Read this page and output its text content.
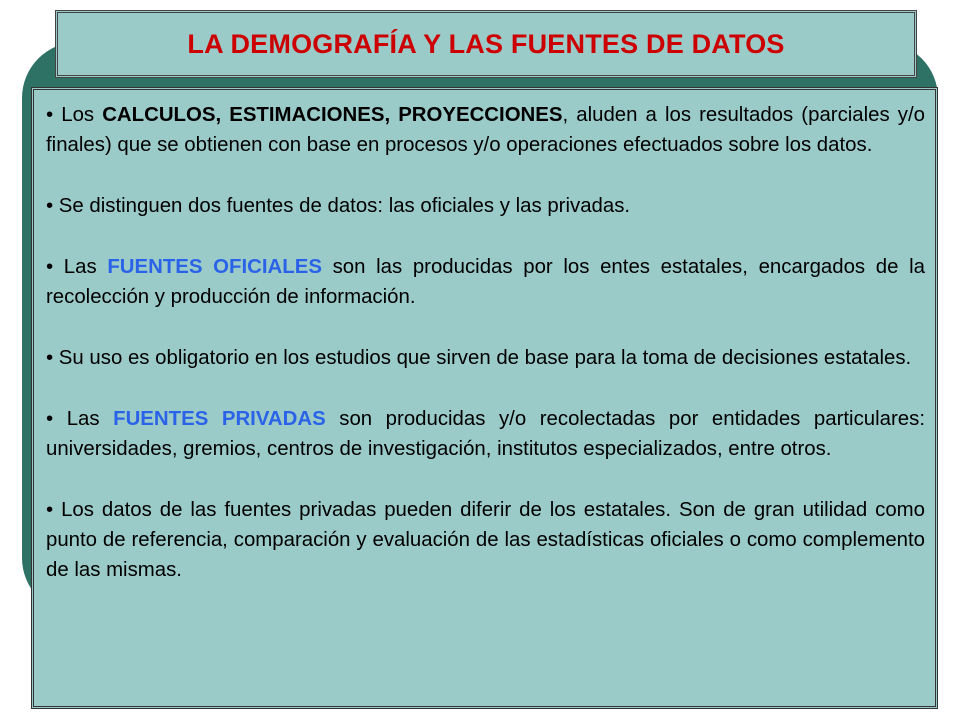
LA DEMOGRAFÍA Y LAS FUENTES DE DATOS

• Los CALCULOS, ESTIMACIONES, PROYECCIONES, aluden a los resultados (parciales y/o finales) que se obtienen con base en procesos y/o operaciones efectuados sobre los datos.

• Se distinguen dos fuentes de datos: las oficiales y las privadas.

• Las FUENTES OFICIALES son las producidas por los entes estatales, encargados de la recolección y producción de información.

• Su uso es obligatorio en los estudios que sirven de base para la toma de decisiones estatales.

• Las FUENTES PRIVADAS son producidas y/o recolectadas por entidades particulares: universidades, gremios, centros de investigación, institutos especializados, entre otros.

• Los datos de las fuentes privadas pueden diferir de los estatales. Son de gran utilidad como punto de referencia, comparación y evaluación de las estadísticas oficiales o como complemento de las mismas.
